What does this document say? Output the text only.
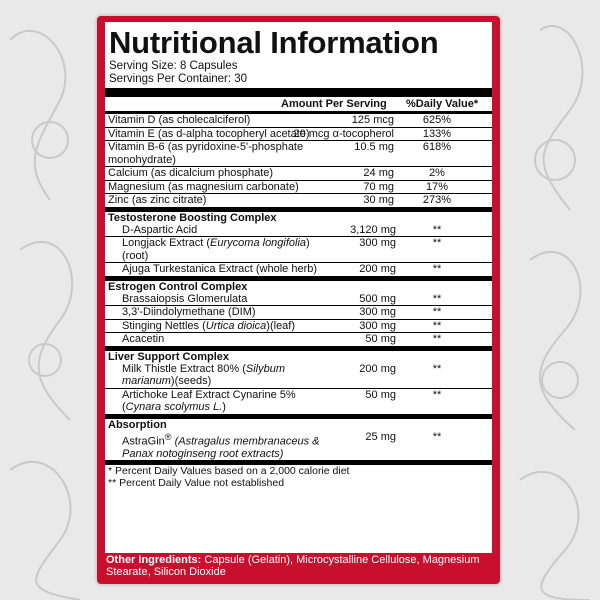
Nutritional Information
Serving Size: 8 Capsules
Servings Per Container: 30
Amount Per Serving %Daily Value*
Vitamin D (as cholecalciferol)	125 mcg	625%
Vitamin E (as d-alpha tocopheryl acetate)
20 mcg α-tocopherol	133%
Vitamin B-6 (as pyridoxine-5'-phosphate monohydrate)
10.5 mg	618%
Calcium (as dicalcium phosphate)	24 mg	2%
Magnesium (as magnesium carbonate)	70 mg	17%
Zinc (as zinc citrate)	30 mg	273%
Testosterone Boosting Complex
D-Aspartic Acid	3,120 mg	**
Longjack Extract (Eurycoma longifolia) (root)
300 mg	**
Ajuga Turkestanica Extract (whole herb)	200 mg	**
Estrogen Control Complex
Brassaiopsis Glomerulata	500 mg	**
3,3'-Diindolymethane (DIM)	300 mg	**
Stinging Nettles (Urtica dioica)(leaf)	300 mg	**
Acacetin	50 mg	**
Liver Support Complex
Milk Thistle Extract 80% (Silybum marianum)(seeds)
200 mg	**
Artichoke Leaf Extract Cynarine 5% (Cynara scolymus L.)
50 mg	**
Absorption
AstraGin® (Astragalus membranaceus & Panax notoginseng root extracts)
25 mg	**
* Percent Daily Values based on a 2,000 calorie diet
** Percent Daily Value not established
Other Ingredients: Capsule (Gelatin), Microcystalline Cellulose, Magnesium Stearate, Silicon Dioxide
